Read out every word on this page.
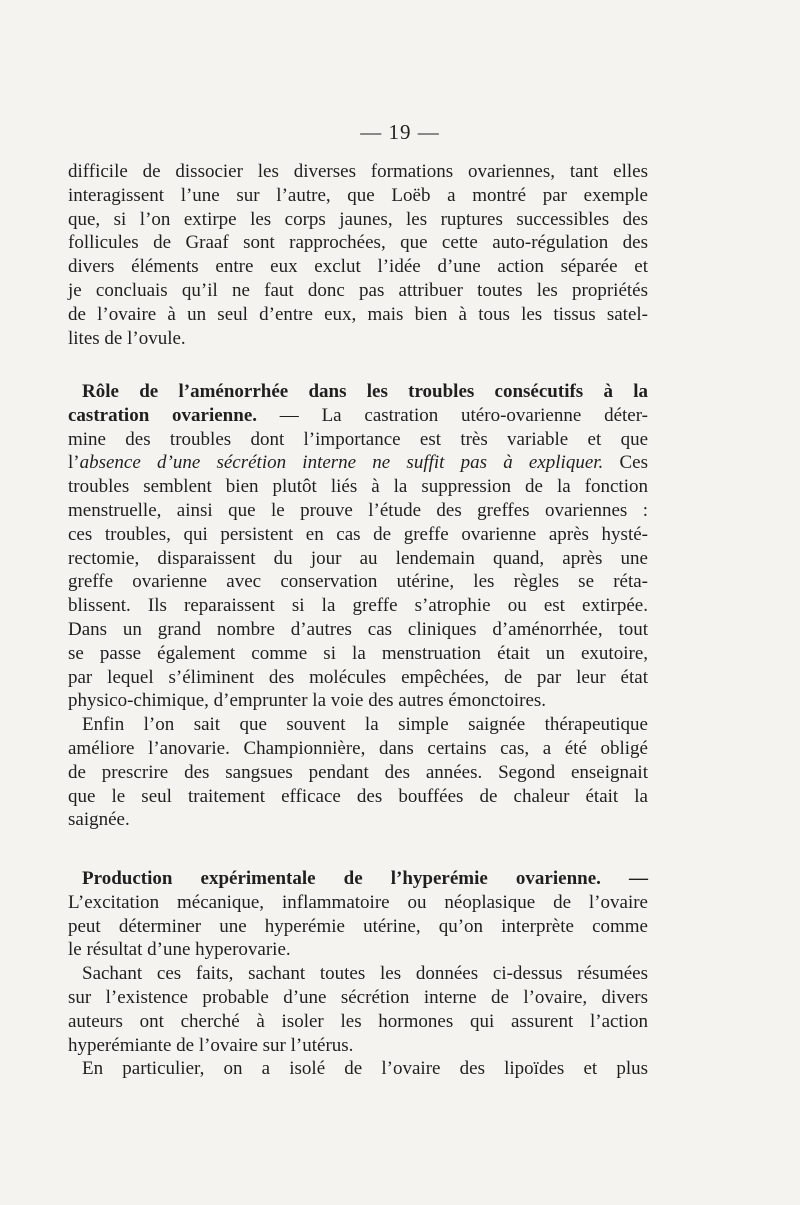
— 19 —
difficile de dissocier les diverses formations ovariennes, tant elles
interagissent l’une sur l’autre, que Loëb a montré par exemple
que, si l’on extirpe les corps jaunes, les ruptures successibles des
follicules de Graaf sont rapprochées, que cette auto-régulation des
divers éléments entre eux exclut l’idée d’une action séparée et
je concluais qu’il ne faut donc pas attribuer toutes les propriétés
de l’ovaire à un seul d’entre eux, mais bien à tous les tissus satel-
lites de l’ovule.
Rôle de l’aménorrhée dans les troubles consécutifs à la
castration ovarienne. — La castration utéro-ovarienne déter-
mine des troubles dont l’importance est très variable et que
l’absence d’une sécrétion interne ne suffit pas à expliquer. Ces
troubles semblent bien plutôt liés à la suppression de la fonction
menstruelle, ainsi que le prouve l’étude des greffes ovariennes :
ces troubles, qui persistent en cas de greffe ovarienne après hysté-
rectomie, disparaissent du jour au lendemain quand, après une
greffe ovarienne avec conservation utérine, les règles se réta-
blissent. Ils reparaissent si la greffe s’atrophie ou est extirpée.
Dans un grand nombre d’autres cas cliniques d’aménorrhée, tout
se passe également comme si la menstruation était un exutoire,
par lequel s’éliminent des molécules empêchées, de par leur état
physico-chimique, d’emprunter la voie des autres émonctoires.
Enfin l’on sait que souvent la simple saignée thérapeutique
améliore l’anovarie. Championnière, dans certains cas, a été obligé
de prescrire des sangsues pendant des années. Segond enseignait
que le seul traitement efficace des bouffées de chaleur était la
saignée.
Production expérimentale de l’hyperémie ovarienne. —
L’excitation mécanique, inflammatoire ou néoplasique de l’ovaire
peut déterminer une hyperémie utérine, qu’on interprète comme
le résultat d’une hyperovarie.
Sachant ces faits, sachant toutes les données ci-dessus résumées
sur l’existence probable d’une sécrétion interne de l’ovaire, divers
auteurs ont cherché à isoler les hormones qui assurent l’action
hyperémiante de l’ovaire sur l’utérus.
En particulier, on a isolé de l’ovaire des lipoïdes et plus
